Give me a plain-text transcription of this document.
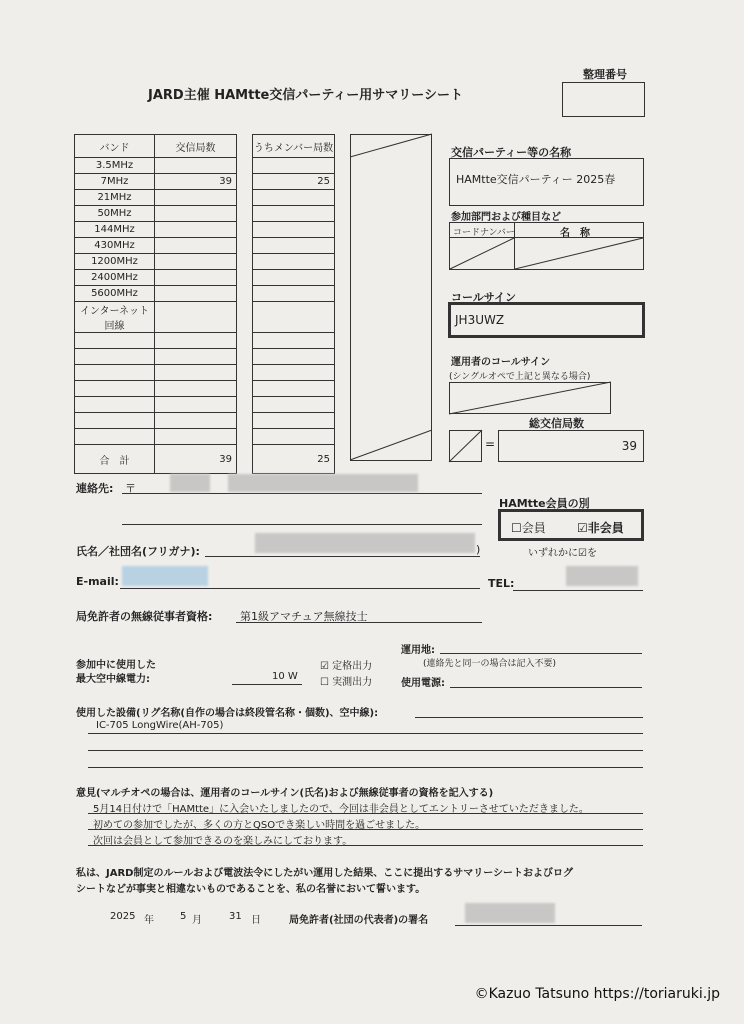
JARD主催 HAMtte交信パーティー用サマリーシート
整理番号
バンド	交信局数		うちメンバー局数
3.5MHz			
7MHz	39		25
21MHz			
50MHz			
144MHz			
430MHz			
1200MHz			
2400MHz			
5600MHz			
インターネット回線			

合　計	39		25
交信パーティー等の名称
HAMtte交信パーティー 2025春
参加部門および種目など
コードナンバー	名　称
コールサイン
JH3UWZ
運用者のコールサイン
(シングルオペで上記と異なる場合)
総交信局数
=	39
連絡先: 〒
HAMtte会員の別
☐会員	☑非会員
いずれかに☑を
氏名／社団名(フリガナ):	)
E-mail:	TEL:
局免許者の無線従事者資格:	第1級アマチュア無線技士
参加中に使用した
最大空中線電力:	10 W
☑ 定格出力
☐ 実測出力
運用地:
(連絡先と同一の場合は記入不要)
使用電源:
使用した設備(リグ名称(自作の場合は終段管名称・個数)、空中線):
IC-705 LongWire(AH-705)
意見(マルチオペの場合は、運用者のコールサイン(氏名)および無線従事者の資格を記入する)
5月14日付けで「HAMtte」に入会いたしましたので、今回は非会員としてエントリーさせていただきました。
初めての参加でしたが、多くの方とQSOでき楽しい時間を過ごせました。
次回は会員として参加できるのを楽しみにしております。
私は、JARD制定のルールおよび電波法令にしたがい運用した結果、ここに提出するサマリーシートおよびログ
シートなどが事実と相違ないものであることを、私の名誉において誓います。
2025 年	5 月	31 日	局免許者(社団の代表者)の署名
©Kazuo Tatsuno https://toriaruki.jp
